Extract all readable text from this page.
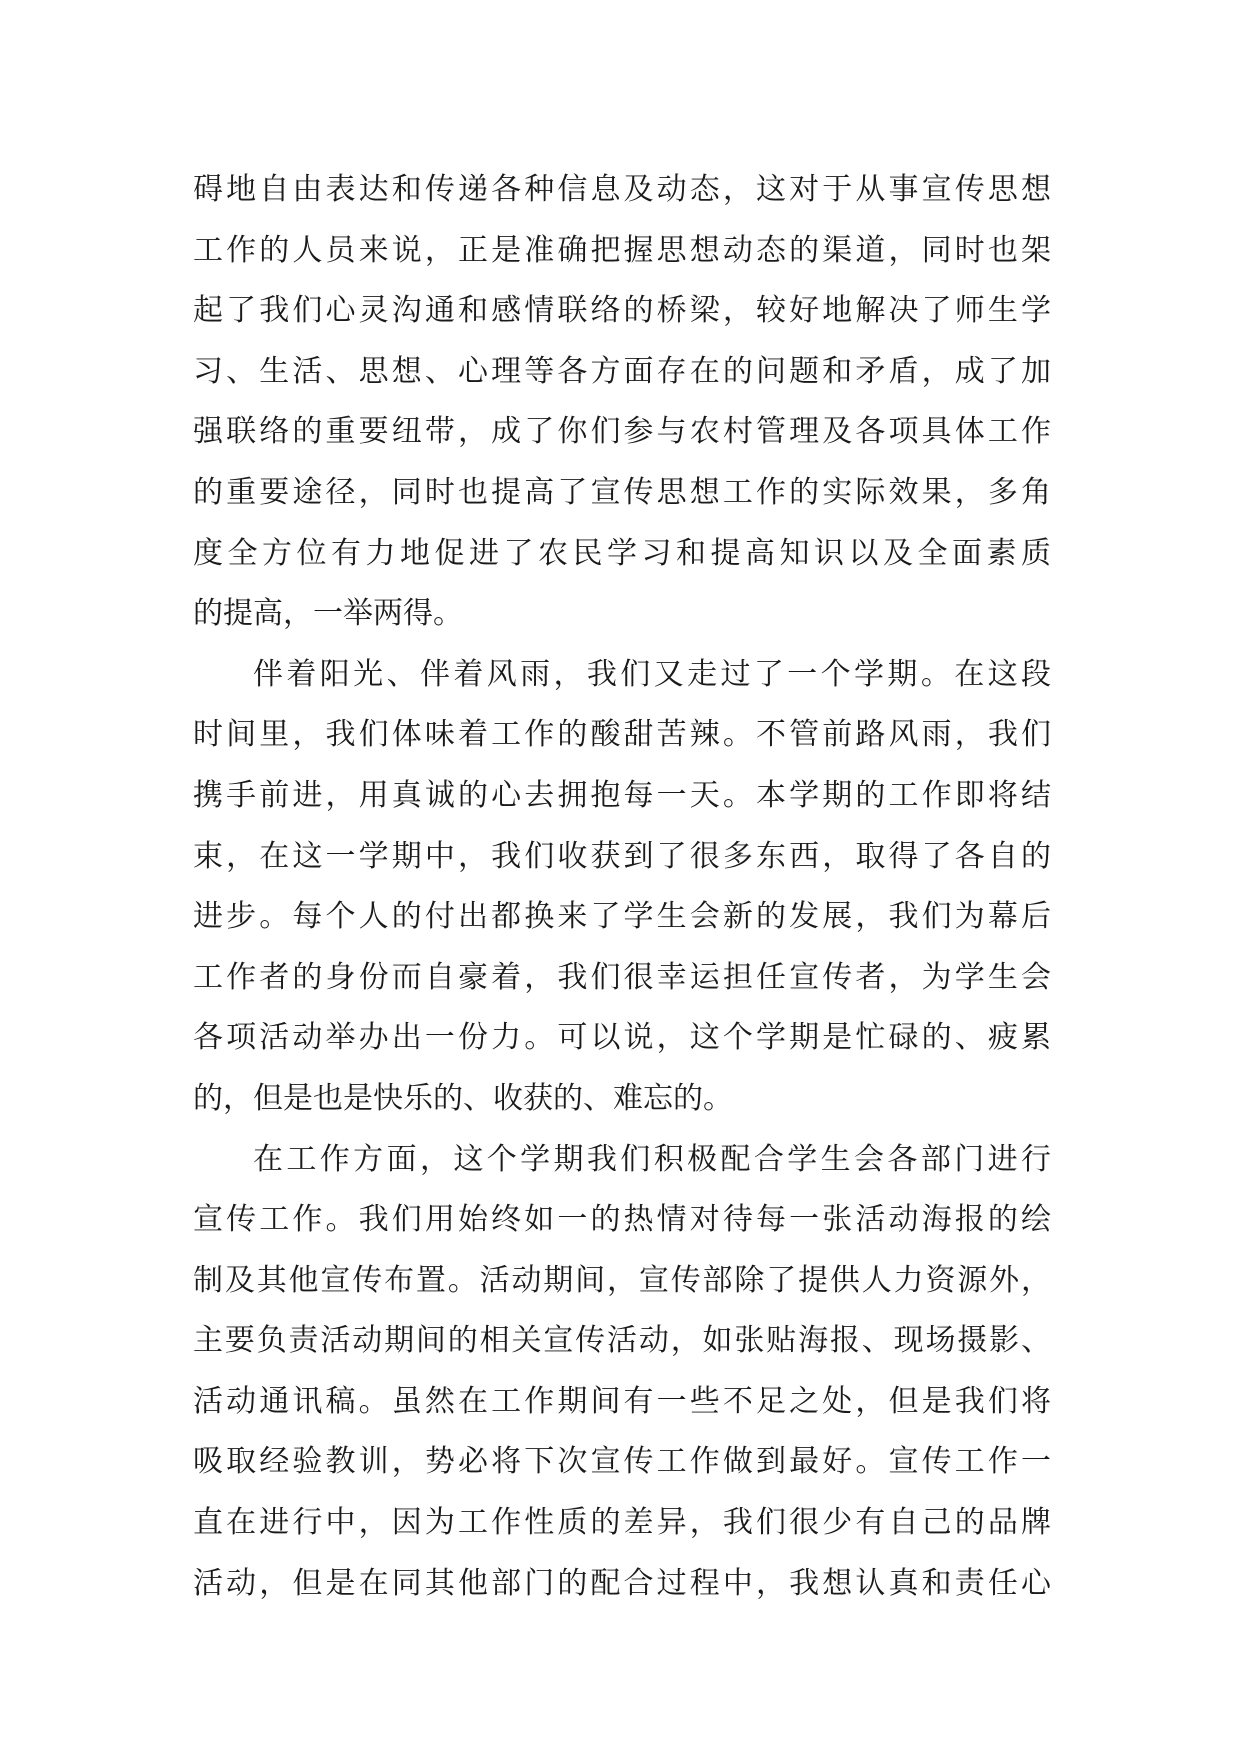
碍地自由表达和传递各种信息及动态，这对于从事宣传思想
工作的人员来说，正是准确把握思想动态的渠道，同时也架
起了我们心灵沟通和感情联络的桥梁，较好地解决了师生学
习、生活、思想、心理等各方面存在的问题和矛盾，成了加
强联络的重要纽带，成了你们参与农村管理及各项具体工作
的重要途径，同时也提高了宣传思想工作的实际效果，多角
度全方位有力地促进了农民学习和提高知识以及全面素质
的提高，一举两得。
伴着阳光、伴着风雨，我们又走过了一个学期。在这段
时间里，我们体味着工作的酸甜苦辣。不管前路风雨，我们
携手前进，用真诚的心去拥抱每一天。本学期的工作即将结
束，在这一学期中，我们收获到了很多东西，取得了各自的
进步。每个人的付出都换来了学生会新的发展，我们为幕后
工作者的身份而自豪着，我们很幸运担任宣传者，为学生会
各项活动举办出一份力。可以说，这个学期是忙碌的、疲累
的，但是也是快乐的、收获的、难忘的。
在工作方面，这个学期我们积极配合学生会各部门进行
宣传工作。我们用始终如一的热情对待每一张活动海报的绘
制及其他宣传布置。活动期间，宣传部除了提供人力资源外，
主要负责活动期间的相关宣传活动，如张贴海报、现场摄影、
活动通讯稿。虽然在工作期间有一些不足之处，但是我们将
吸取经验教训，势必将下次宣传工作做到最好。宣传工作一
直在进行中，因为工作性质的差异，我们很少有自己的品牌
活动，但是在同其他部门的配合过程中，我想认真和责任心
